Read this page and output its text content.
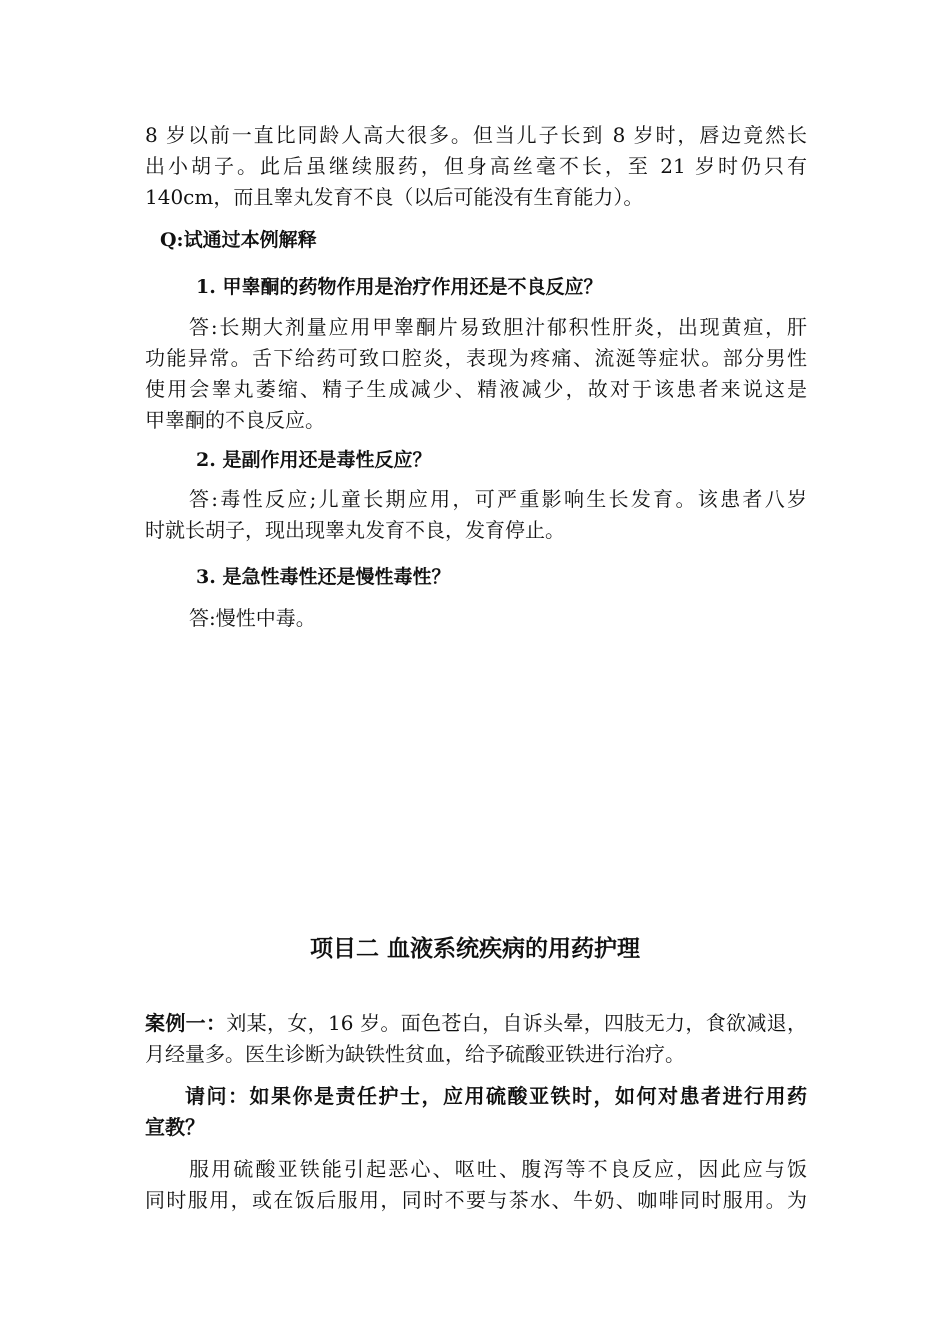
8 岁以前一直比同龄人高大很多。但当儿子长到 8 岁时，唇边竟然长
出小胡子。此后虽继续服药，但身高丝毫不长，至 21 岁时仍只有
140cm，而且睾丸发育不良（以后可能没有生育能力）。
Q:试通过本例解释
1. 甲睾酮的药物作用是治疗作用还是不良反应？
答:长期大剂量应用甲睾酮片易致胆汁郁积性肝炎，出现黄疸，肝
功能异常。舌下给药可致口腔炎，表现为疼痛、流涎等症状。部分男性
使用会睾丸萎缩、精子生成减少、精液减少，故对于该患者来说这是
甲睾酮的不良反应。
2. 是副作用还是毒性反应？
答:毒性反应;儿童长期应用，可严重影响生长发育。该患者八岁
时就长胡子，现出现睾丸发育不良，发育停止。
3. 是急性毒性还是慢性毒性？
答:慢性中毒。
项目二 血液系统疾病的用药护理
案例一：刘某，女，16 岁。面色苍白，自诉头晕，四肢无力，食欲减退，
月经量多。医生诊断为缺铁性贫血，给予硫酸亚铁进行治疗。
请问：如果你是责任护士，应用硫酸亚铁时，如何对患者进行用药
宣教？
服用硫酸亚铁能引起恶心、呕吐、腹泻等不良反应，因此应与饭
同时服用，或在饭后服用，同时不要与茶水、牛奶、咖啡同时服用。为
